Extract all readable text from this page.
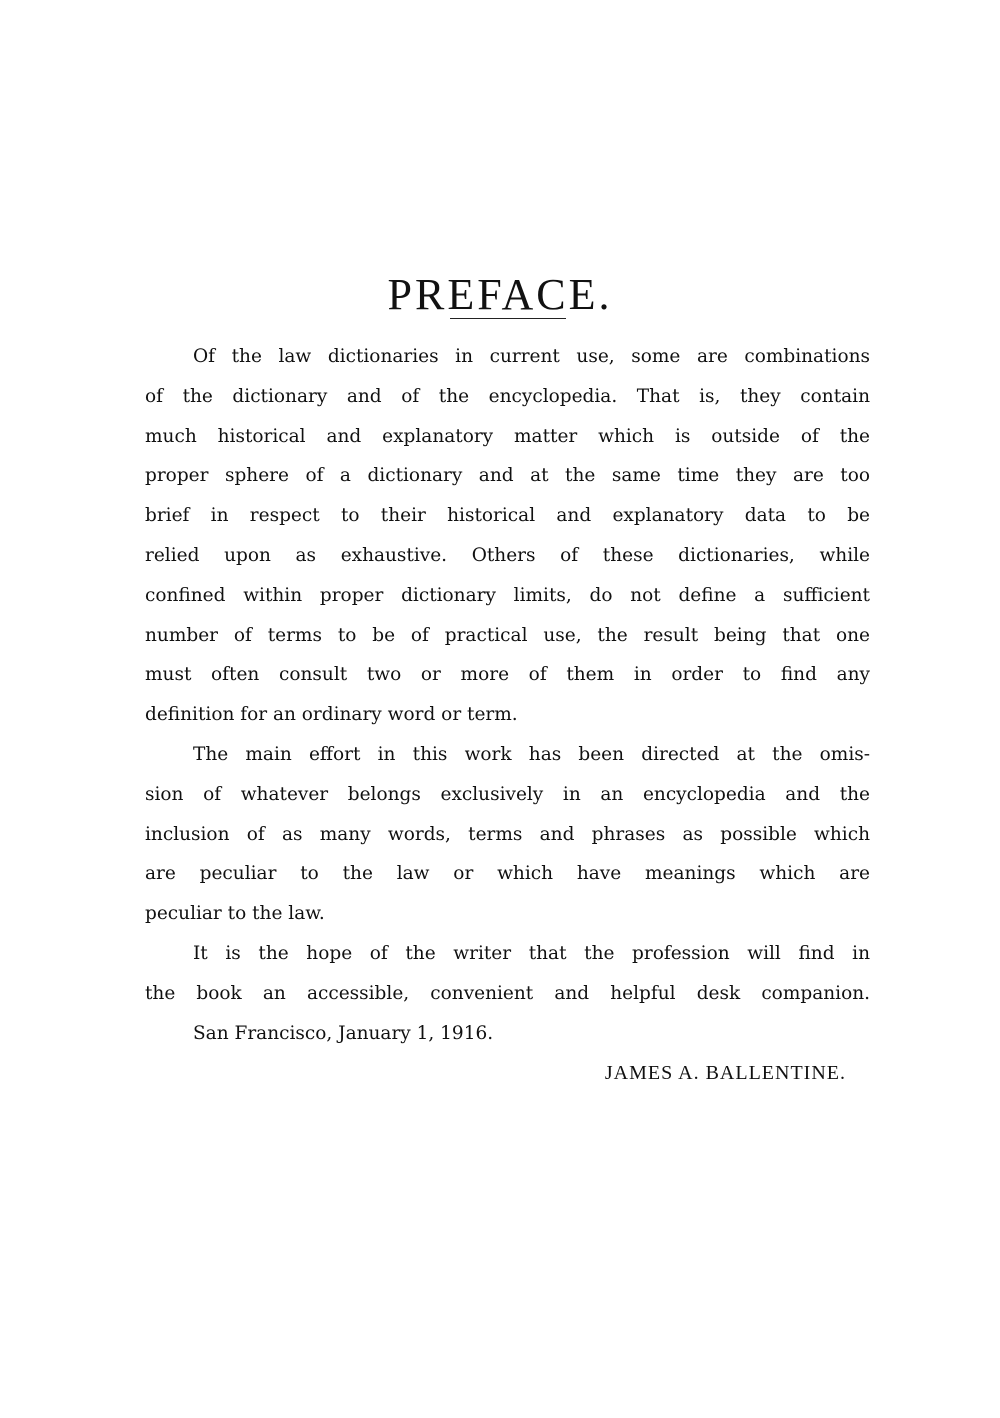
PREFACE.
Of the law dictionaries in current use, some are combinations
of the dictionary and of the encyclopedia. That is, they contain
much historical and explanatory matter which is outside of the
proper sphere of a dictionary and at the same time they are too
brief in respect to their historical and explanatory data to be
relied upon as exhaustive. Others of these dictionaries, while
confined within proper dictionary limits, do not define a sufficient
number of terms to be of practical use, the result being that one
must often consult two or more of them in order to find any
definition for an ordinary word or term.
The main effort in this work has been directed at the omis-
sion of whatever belongs exclusively in an encyclopedia and the
inclusion of as many words, terms and phrases as possible which
are peculiar to the law or which have meanings which are
peculiar to the law.
It is the hope of the writer that the profession will find in
the book an accessible, convenient and helpful desk companion.
San Francisco, January 1, 1916.
JAMES A. BALLENTINE.
